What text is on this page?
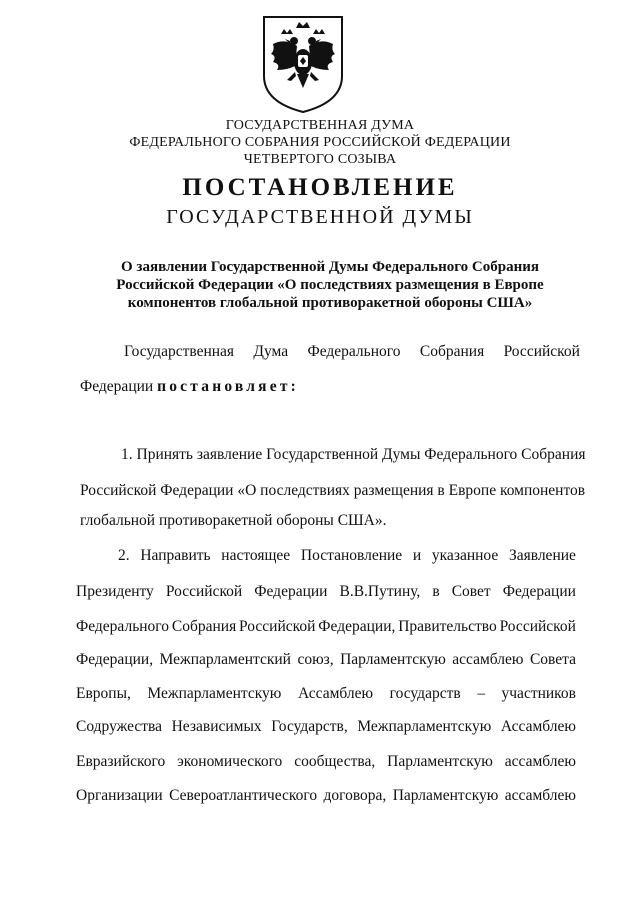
ГОСУДАРСТВЕННАЯ ДУМА
ФЕДЕРАЛЬНОГО СОБРАНИЯ РОССИЙСКОЙ ФЕДЕРАЦИИ
ЧЕТВЕРТОГО СОЗЫВА
ПОСТАНОВЛЕНИЕ
ГОСУДАРСТВЕННОЙ ДУМЫ
О заявлении Государственной Думы Федерального Собрания
Российской Федерации «О последствиях размещения в Европе
компонентов глобальной противоракетной обороны США»
Государственная Дума Федерального Собрания Российской
Федерации постановляет:
1. Принять заявление Государственной Думы Федерального Собрания
Российской Федерации «О последствиях размещения в Европе компонентов
глобальной противоракетной обороны США».
2. Направить настоящее Постановление и указанное Заявление
Президенту Российской Федерации В.В.Путину, в Совет Федерации
Федерального Собрания Российской Федерации, Правительство Российской
Федерации, Межпарламентский союз, Парламентскую ассамблею Совета
Европы, Межпарламентскую Ассамблею государств – участников
Содружества Независимых Государств, Межпарламентскую Ассамблею
Евразийского экономического сообщества, Парламентскую ассамблею
Организации Североатлантического договора, Парламентскую ассамблею
